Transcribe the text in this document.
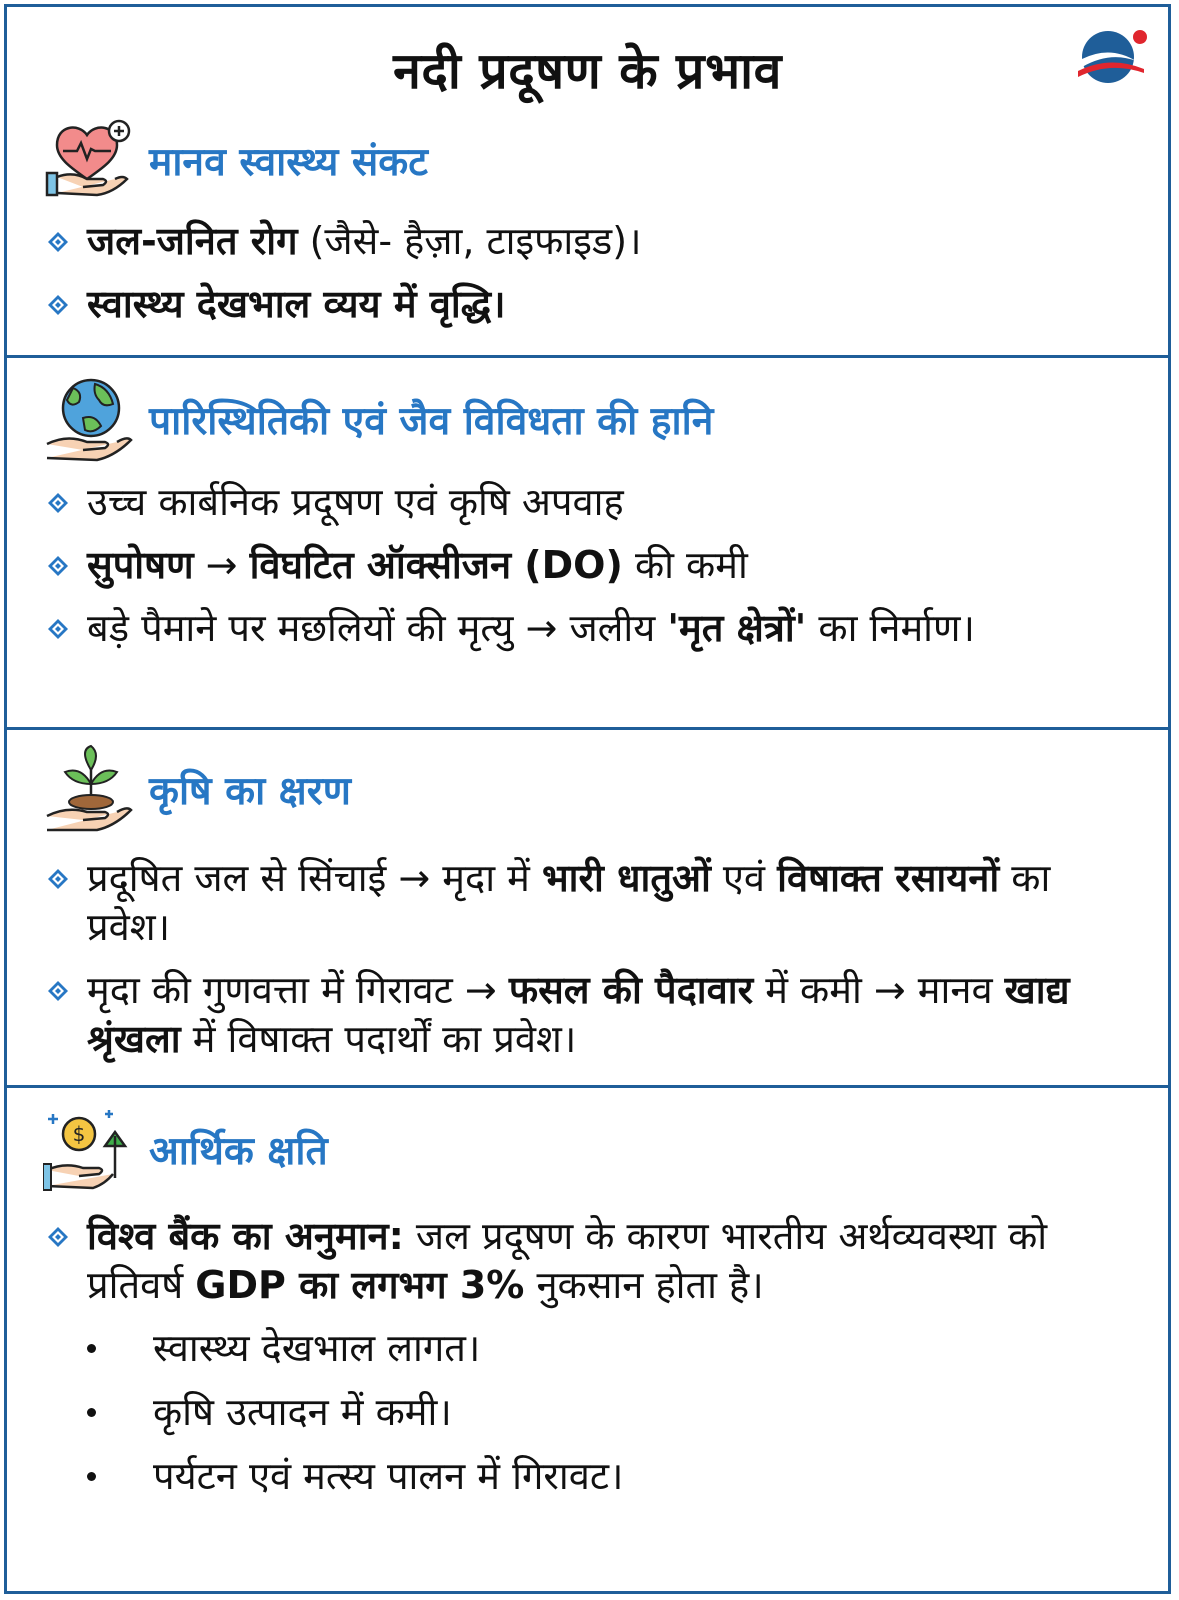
नदी प्रदूषण के प्रभाव
मानव स्वास्थ्य संकट
जल-जनित रोग (जैसे- हैज़ा, टाइफाइड)।
स्वास्थ्य देखभाल व्यय में वृद्धि।
पारिस्थितिकी एवं जैव विविधता की हानि
उच्च कार्बनिक प्रदूषण एवं कृषि अपवाह
सुपोषण → विघटित ऑक्सीजन (DO) की कमी
बड़े पैमाने पर मछलियों की मृत्यु → जलीय 'मृत क्षेत्रों' का निर्माण।
कृषि का क्षरण
प्रदूषित जल से सिंचाई → मृदा में भारी धातुओं एवं विषाक्त रसायनों का प्रवेश।
मृदा की गुणवत्ता में गिरावट → फसल की पैदावार में कमी → मानव खाद्य श्रृंखला में विषाक्त पदार्थों का प्रवेश।
$ आर्थिक क्षति
विश्व बैंक का अनुमान: जल प्रदूषण के कारण भारतीय अर्थव्यवस्था को प्रतिवर्ष GDP का लगभग 3% नुकसान होता है।
स्वास्थ्य देखभाल लागत।
कृषि उत्पादन में कमी।
पर्यटन एवं मत्स्य पालन में गिरावट।
